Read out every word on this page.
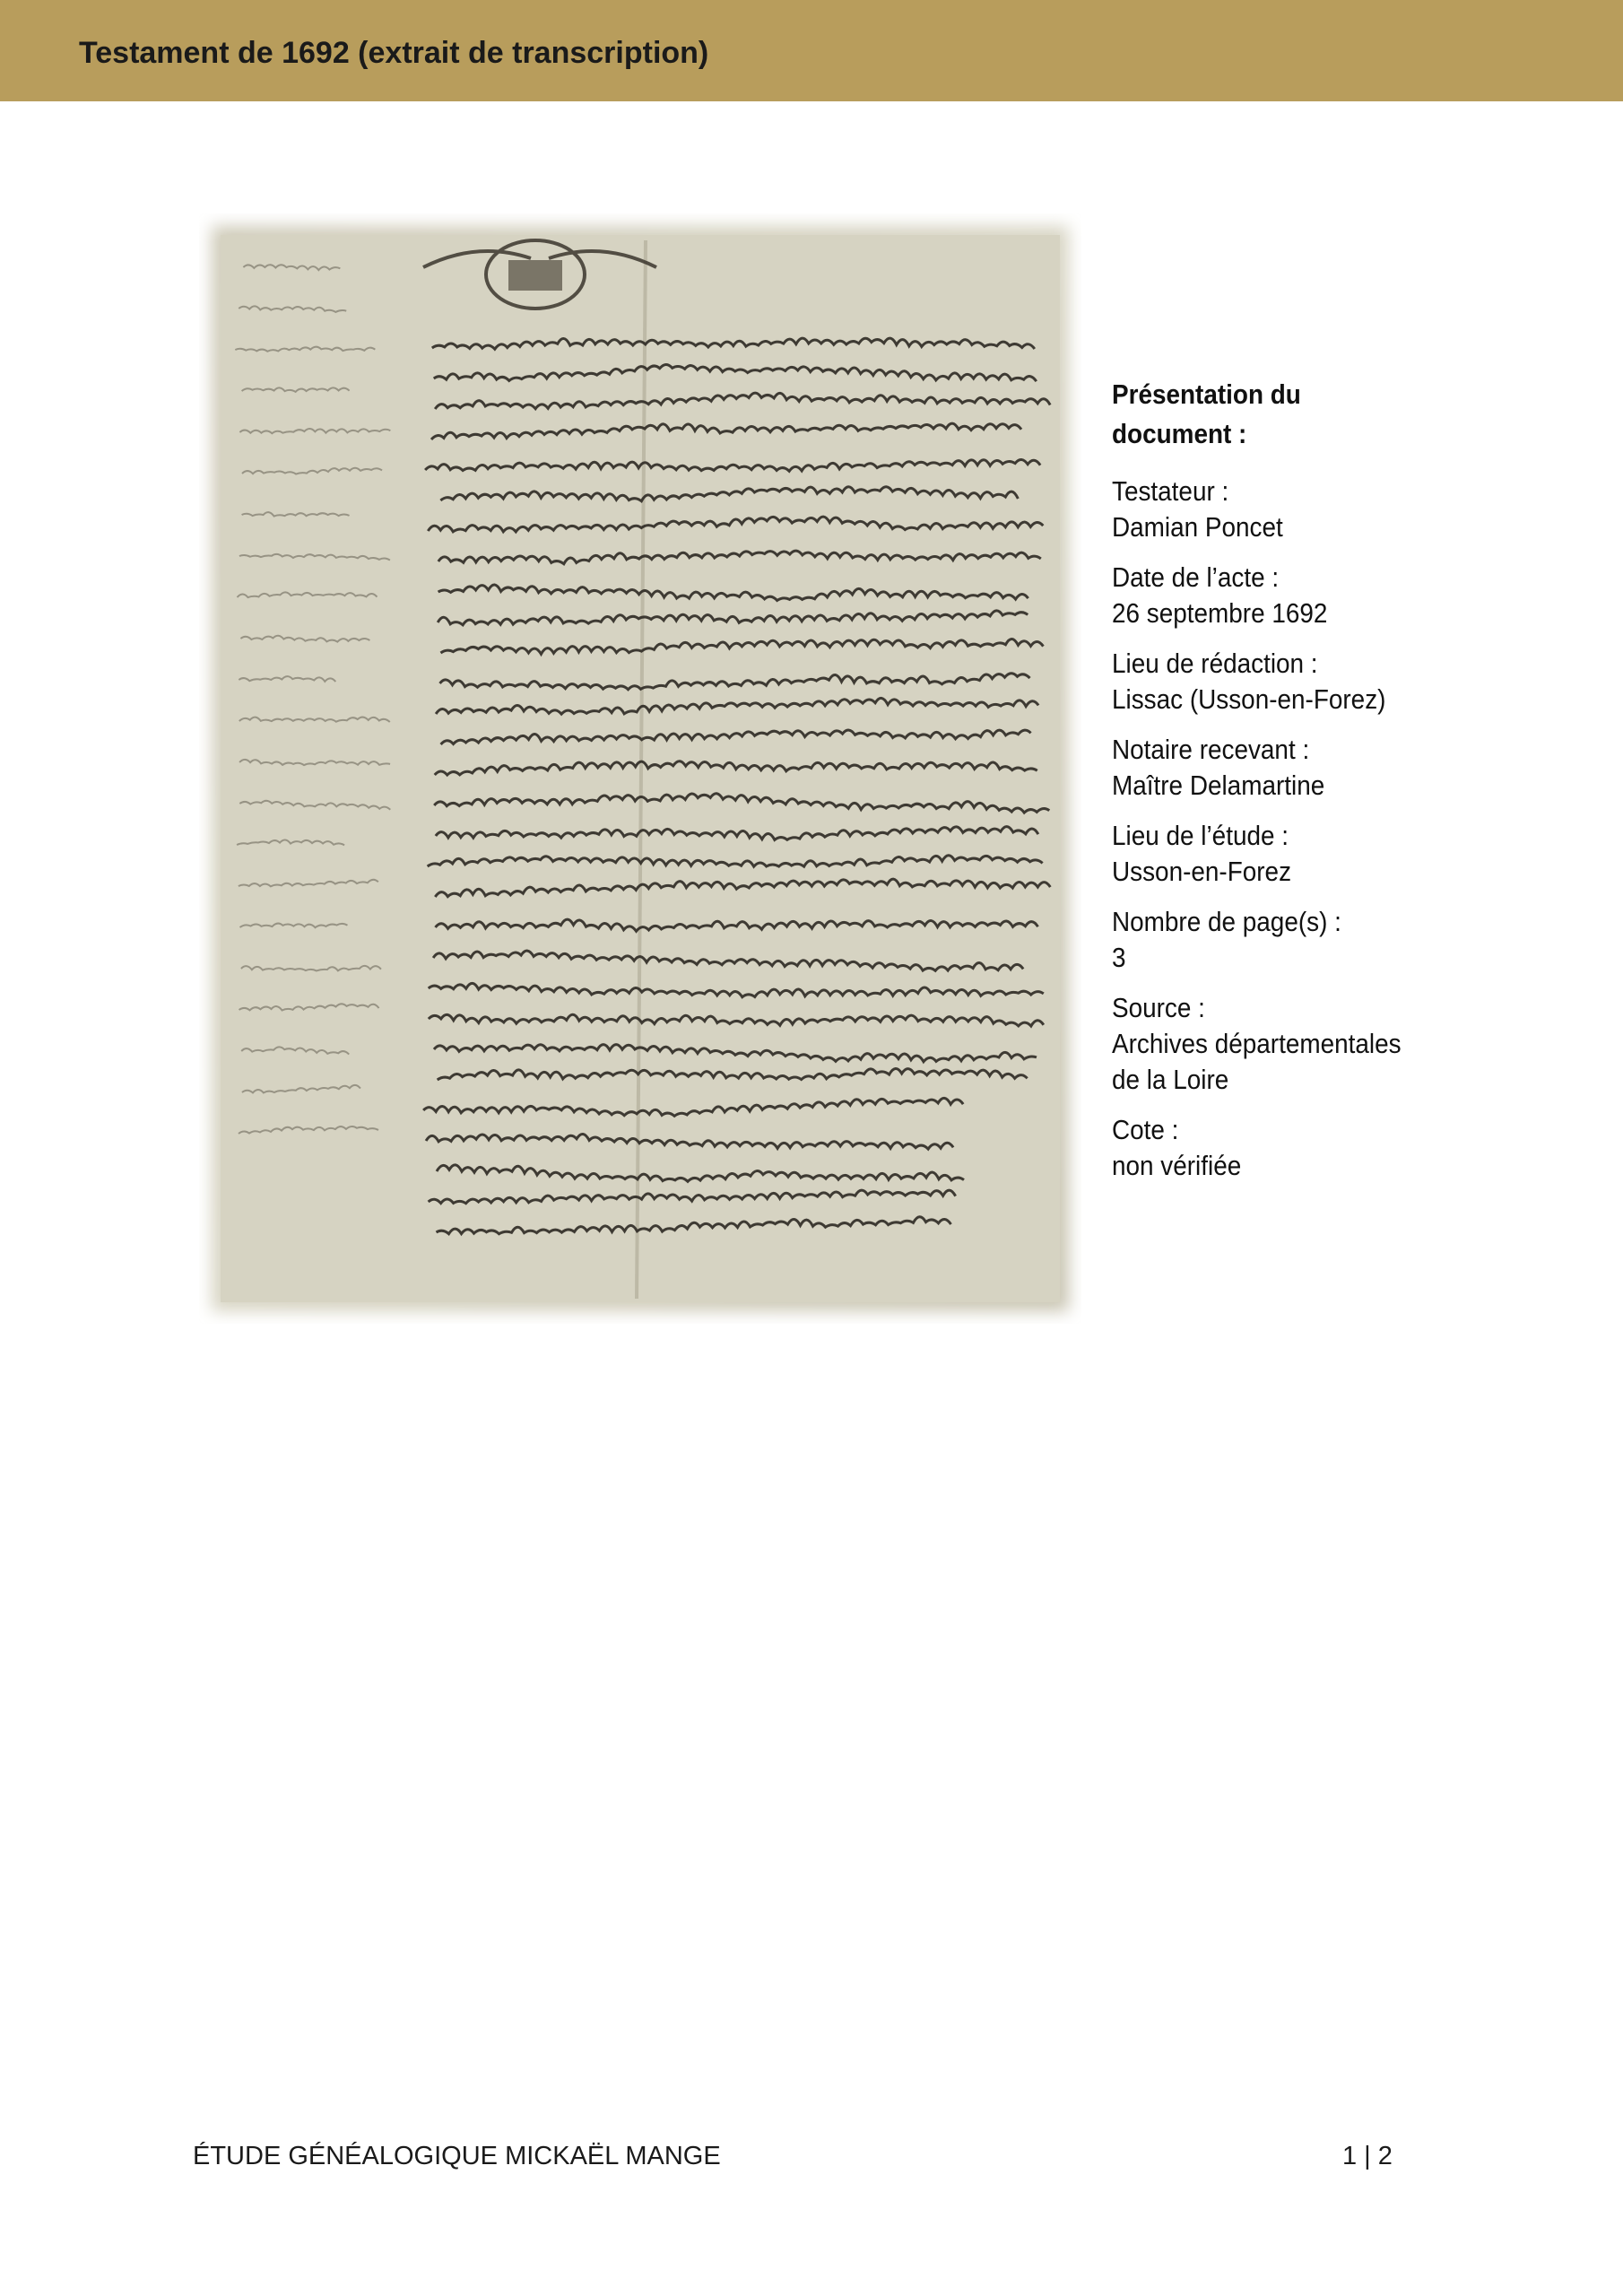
Testament de 1692 (extrait de transcription)
Présentation du
document :
Testateur :
Damian Poncet
Date de l’acte :
26 septembre 1692
Lieu de rédaction :
Lissac (Usson-en-Forez)
Notaire recevant :
Maître Delamartine
Lieu de l’étude :
Usson-en-Forez
Nombre de page(s) :
3
Source :
Archives départementales
de la Loire
Cote :
non vérifiée
ÉTUDE GÉNÉALOGIQUE MICKAËL MANGE	1 | 2
